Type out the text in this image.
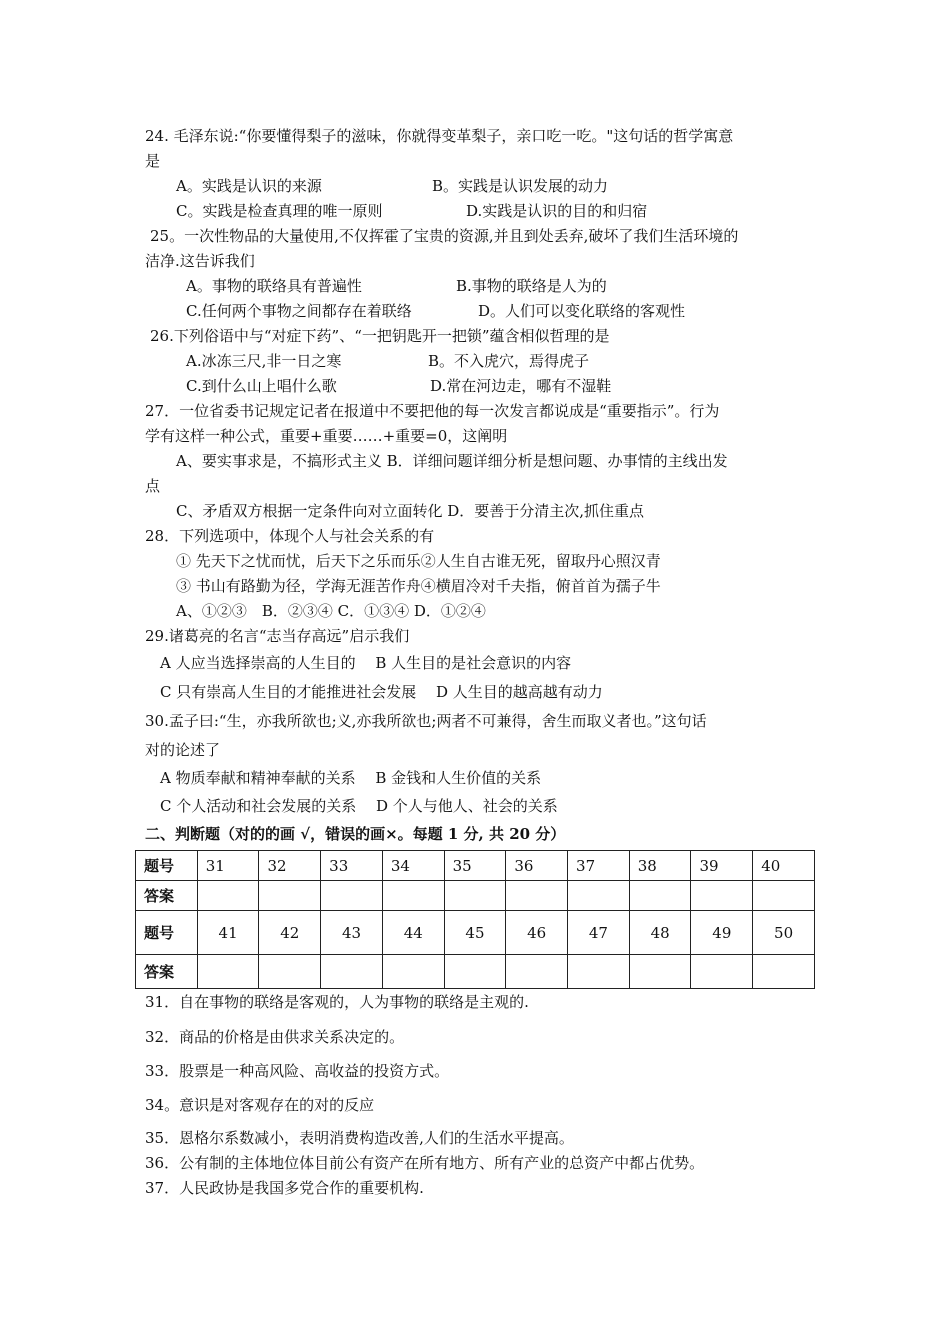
24. 毛泽东说:“你要懂得梨子的滋味，你就得变革梨子，亲口吃一吃。"这句话的哲学寓意
是
A。实践是认识的来源	B。实践是认识发展的动力
C。实践是检查真理的唯一原则	D.实践是认识的目的和归宿
25。一次性物品的大量使用,不仅挥霍了宝贵的资源,并且到处丢弃,破坏了我们生活环境的
洁净.这告诉我们
A。事物的联络具有普遍性	B.事物的联络是人为的
C.任何两个事物之间都存在着联络	D。人们可以变化联络的客观性
26.下列俗语中与“对症下药”、“一把钥匙开一把锁”蕴含相似哲理的是
A.冰冻三尺,非一日之寒	B。不入虎穴，焉得虎子
C.到什么山上唱什么歌	D.常在河边走，哪有不湿鞋
27．一位省委书记规定记者在报道中不要把他的每一次发言都说成是“重要指示”。行为
学有这样一种公式，重要+重要……+重要=0，这阐明
A、要实事求是，不搞形式主义 B．详细问题详细分析是想问题、办事情的主线出发
点
C、矛盾双方根据一定条件向对立面转化 D．要善于分清主次,抓住重点
28．下列选项中，体现个人与社会关系的有
① 先天下之忧而忧，后天下之乐而乐②人生自古谁无死，留取丹心照汉青
③ 书山有路勤为径，学海无涯苦作舟④横眉冷对千夫指，俯首首为孺子牛
A、①②③　B．②③④ C．①③④ D．①②④
29.诸葛亮的名言“志当存高远”启示我们
A 人应当选择崇高的人生目的　 B 人生目的是社会意识的内容
C 只有崇高人生目的才能推进社会发展　 D 人生目的越高越有动力
30.孟子曰:“生，亦我所欲也;义,亦我所欲也;两者不可兼得，舍生而取义者也。”这句话
对的论述了
A 物质奉献和精神奉献的关系　 B 金钱和人生价值的关系
C 个人活动和社会发展的关系　 D 个人与他人、社会的关系
二、判断题（对的的画 √，错误的画×。每题 1 分, 共 20 分）
题号	31	32	33	34	35	36	37	38	39	40
答案										
题号	41	42	43	44	45	46	47	48	49	50
答案										
31．自在事物的联络是客观的，人为事物的联络是主观的.
32．商品的价格是由供求关系决定的。
33．股票是一种高风险、高收益的投资方式。
34。意识是对客观存在的对的反应
35．恩格尔系数减小，表明消费构造改善,人们的生活水平提高。
36．公有制的主体地位体目前公有资产在所有地方、所有产业的总资产中都占优势。
37．人民政协是我国多党合作的重要机构.
